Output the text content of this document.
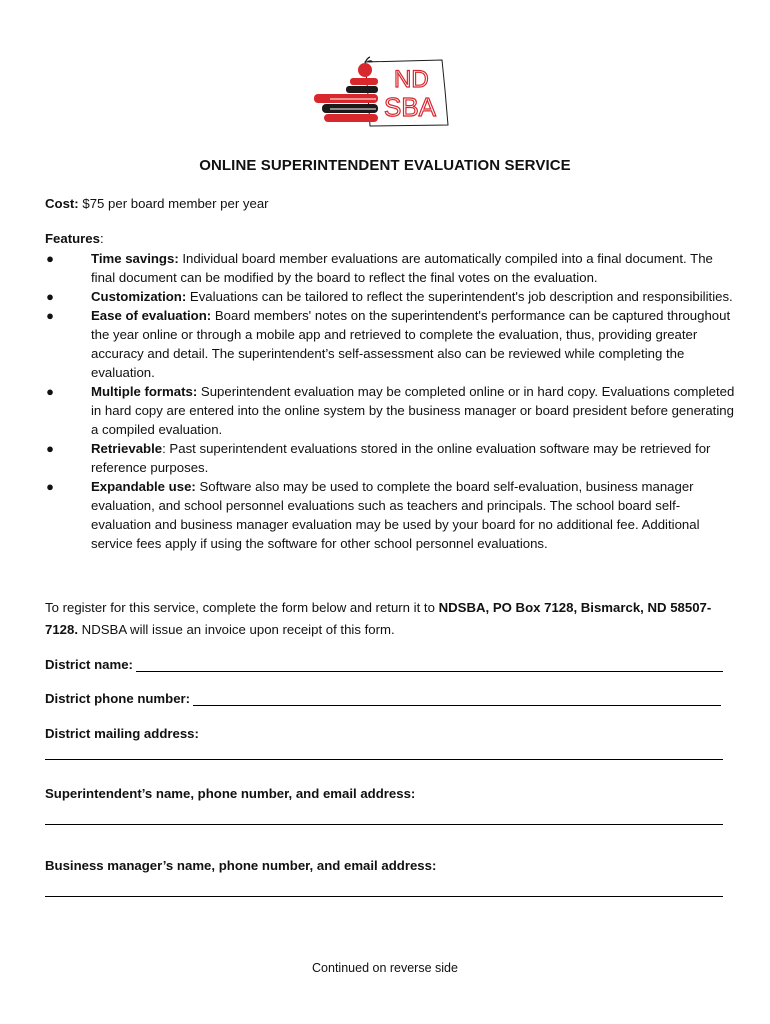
ND
SBA
ONLINE SUPERINTENDENT EVALUATION SERVICE
Cost: $75 per board member per year
Features:
●	Time savings: Individual board member evaluations are automatically compiled into a final document. The final document can be modified by the board to reflect the final votes on the evaluation.
●	Customization: Evaluations can be tailored to reflect the superintendent's job description and responsibilities.
●	Ease of evaluation: Board members' notes on the superintendent's performance can be captured throughout the year online or through a mobile app and retrieved to complete the evaluation, thus, providing greater accuracy and detail. The superintendent’s self-assessment also can be reviewed while completing the evaluation.
●	Multiple formats: Superintendent evaluation may be completed online or in hard copy. Evaluations completed in hard copy are entered into the online system by the business manager or board president before generating a compiled evaluation.
●	Retrievable: Past superintendent evaluations stored in the online evaluation software may be retrieved for reference purposes.
●	Expandable use: Software also may be used to complete the board self-evaluation, business manager evaluation, and school personnel evaluations such as teachers and principals. The school board self-evaluation and business manager evaluation may be used by your board for no additional fee. Additional service fees apply if using the software for other school personnel evaluations.
To register for this service, complete the form below and return it to NDSBA, PO Box 7128, Bismarck, ND 58507-7128. NDSBA will issue an invoice upon receipt of this form.
District name:
District phone number:
District mailing address:
Superintendent’s name, phone number, and email address:
Business manager’s name, phone number, and email address:
Continued on reverse side
